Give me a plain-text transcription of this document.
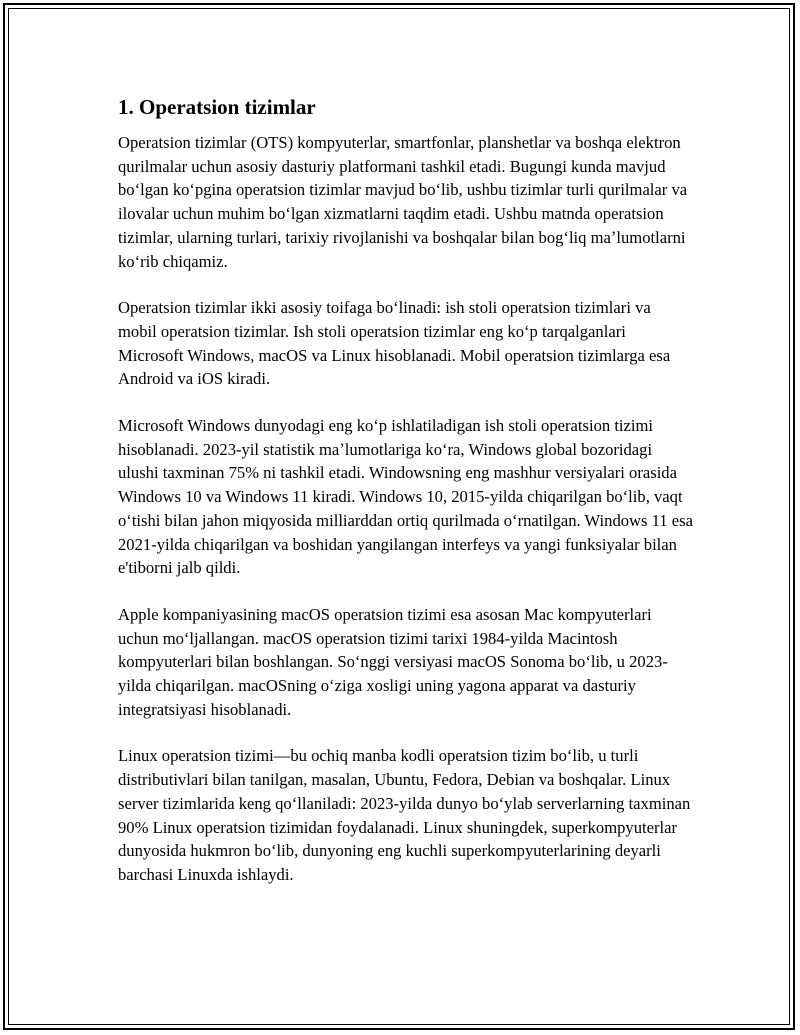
1. Operatsion tizimlar

Operatsion tizimlar (OTS) kompyuterlar, smartfonlar, planshetlar va boshqa elektron qurilmalar uchun asosiy dasturiy platformani tashkil etadi. Bugungi kunda mavjud boʻlgan koʻpgina operatsion tizimlar mavjud boʻlib, ushbu tizimlar turli qurilmalar va ilovalar uchun muhim boʻlgan xizmatlarni taqdim etadi. Ushbu matnda operatsion tizimlar, ularning turlari, tarixiy rivojlanishi va boshqalar bilan bogʻliq maʼlumotlarni koʻrib chiqamiz.

Operatsion tizimlar ikki asosiy toifaga boʻlinadi: ish stoli operatsion tizimlari va mobil operatsion tizimlar. Ish stoli operatsion tizimlar eng koʻp tarqalganlari Microsoft Windows, macOS va Linux hisoblanadi. Mobil operatsion tizimlarga esa Android va iOS kiradi.

Microsoft Windows dunyodagi eng koʻp ishlatiladigan ish stoli operatsion tizimi hisoblanadi. 2023-yil statistik maʼlumotlariga koʻra, Windows global bozoridagi ulushi taxminan 75% ni tashkil etadi. Windowsning eng mashhur versiyalari orasida Windows 10 va Windows 11 kiradi. Windows 10, 2015-yilda chiqarilgan boʻlib, vaqt oʻtishi bilan jahon miqyosida milliarddan ortiq qurilmada oʻrnatilgan. Windows 11 esa 2021-yilda chiqarilgan va boshidan yangilangan interfeys va yangi funksiyalar bilan e'tiborni jalb qildi.

Apple kompaniyasining macOS operatsion tizimi esa asosan Mac kompyuterlari uchun moʻljallangan. macOS operatsion tizimi tarixi 1984-yilda Macintosh kompyuterlari bilan boshlangan. Soʻnggi versiyasi macOS Sonoma boʻlib, u 2023-yilda chiqarilgan. macOSning oʻziga xosligi uning yagona apparat va dasturiy integratsiyasi hisoblanadi.

Linux operatsion tizimi—bu ochiq manba kodli operatsion tizim boʻlib, u turli distributivlari bilan tanilgan, masalan, Ubuntu, Fedora, Debian va boshqalar. Linux server tizimlarida keng qoʻllaniladi: 2023-yilda dunyo boʻylab serverlarning taxminan 90% Linux operatsion tizimidan foydalanadi. Linux shuningdek, superkompyuterlar dunyosida hukmron boʻlib, dunyoning eng kuchli superkompyuterlarining deyarli barchasi Linuxda ishlaydi.
